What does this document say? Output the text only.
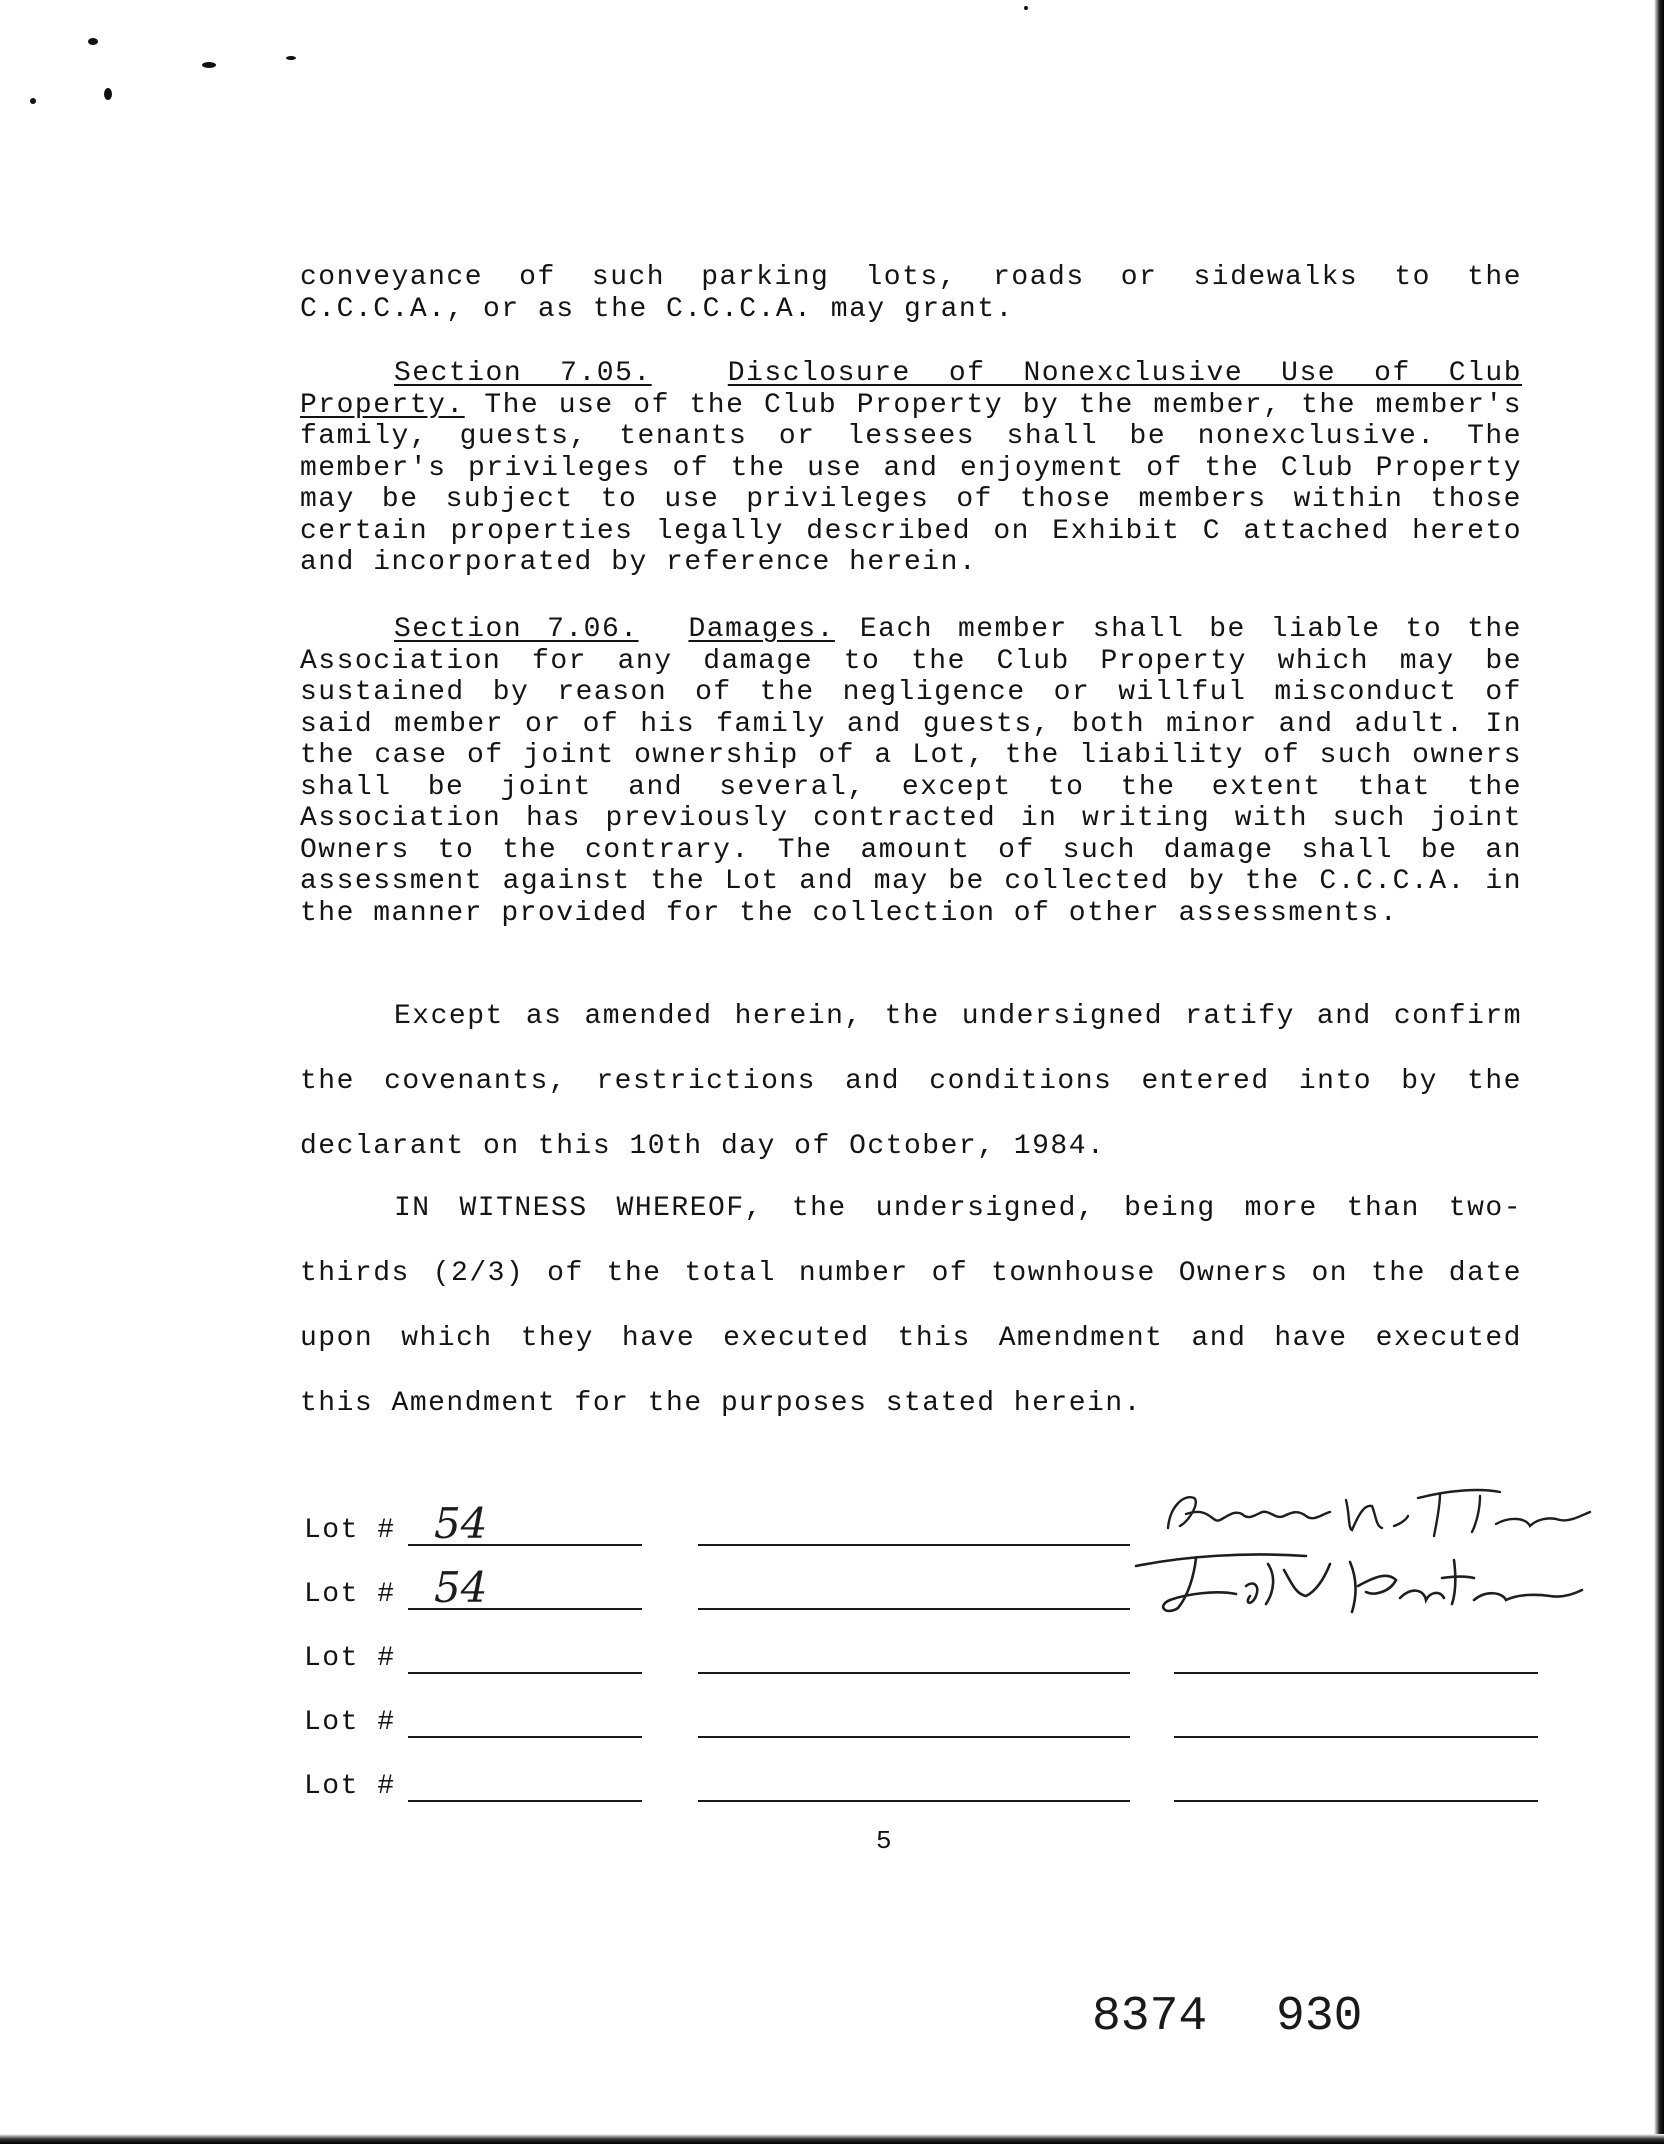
conveyance of such parking lots, roads or sidewalks to the C.C.C.A., or as the C.C.C.A. may grant.

Section 7.05.	Disclosure of Nonexclusive Use of Club Property. The use of the Club Property by the member, the member's family, guests, tenants or lessees shall be nonexclusive. The member's privileges of the use and enjoyment of the Club Property may be subject to use privileges of those members within those certain properties legally described on Exhibit C attached hereto and incorporated by reference herein.

Section 7.06. Damages. Each member shall be liable to the Association for any damage to the Club Property which may be sustained by reason of the negligence or willful misconduct of said member or of his family and guests, both minor and adult. In the case of joint ownership of a Lot, the liability of such owners shall be joint and several, except to the extent that the Association has previously contracted in writing with such joint Owners to the contrary. The amount of such damage shall be an assessment against the Lot and may be collected by the C.C.C.A. in the manner provided for the collection of other assessments.

Except as amended herein, the undersigned ratify and confirm the covenants, restrictions and conditions entered into by the declarant on this 10th day of October, 1984.

IN WITNESS WHEREOF, the undersigned, being more than two-thirds (2/3) of the total number of townhouse Owners on the date upon which they have executed this Amendment and have executed this Amendment for the purposes stated herein.

Lot # 54
Lot # 54
Lot #
Lot #
Lot #
5
8374 930
